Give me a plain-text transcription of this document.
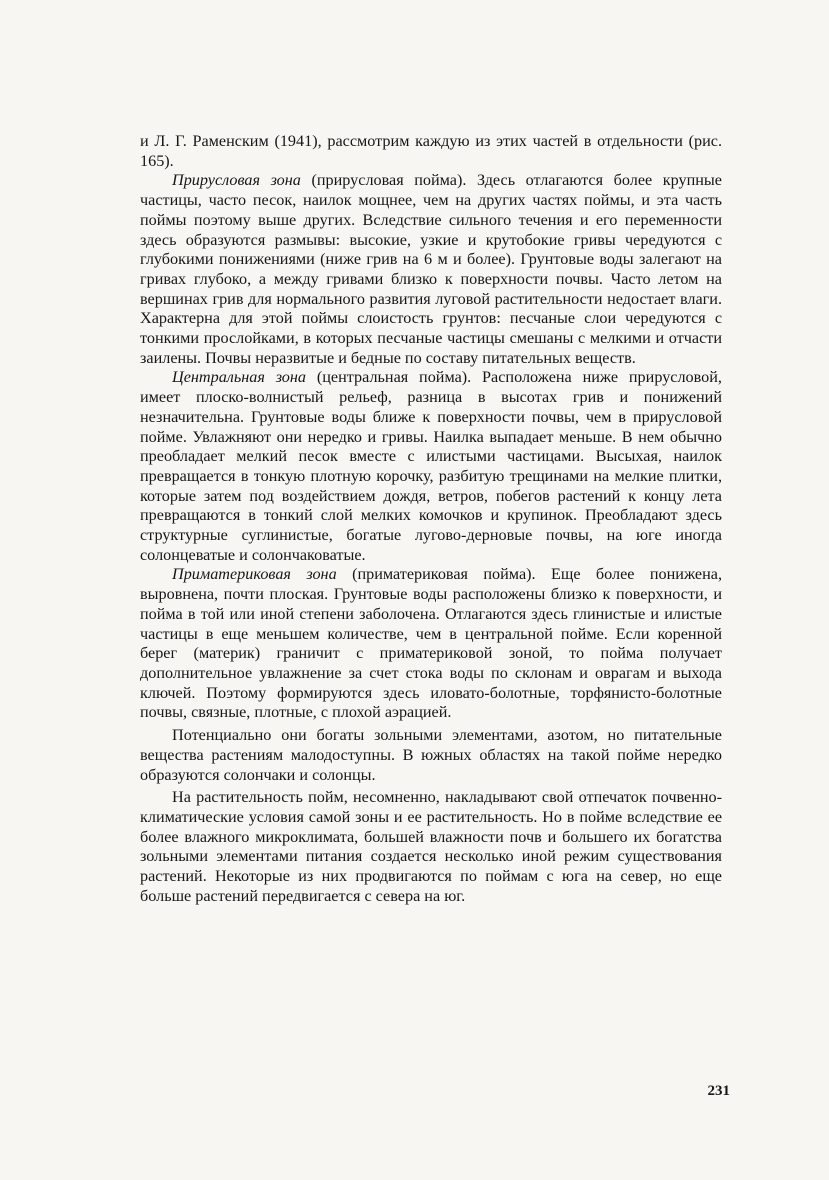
и Л. Г. Раменским (1941), рассмотрим каждую из этих частей в отдельности (рис. 165).

Прирусловая зона (прирусловая пойма). Здесь отлагаются более крупные частицы, часто песок, наилок мощнее, чем на других частях поймы, и эта часть поймы поэтому выше других. Вследствие сильного течения и его переменности здесь образуются размывы: высокие, узкие и крутобокие гривы чередуются с глубокими понижениями (ниже грив на 6 м и более). Грунтовые воды залегают на гривах глубоко, а между гривами близко к поверхности почвы. Часто летом на вершинах грив для нормального развития луговой растительности недостает влаги. Характерна для этой поймы слоистость грунтов: песчаные слои чередуются с тонкими прослойками, в которых песчаные частицы смешаны с мелкими и отчасти заилены. Почвы неразвитые и бедные по составу питательных веществ.

Центральная зона (центральная пойма). Расположена ниже прирусловой, имеет плоско-волнистый рельеф, разница в высотах грив и понижений незначительна. Грунтовые воды ближе к поверхности почвы, чем в прирусловой пойме. Увлажняют они нередко и гривы. Наилка выпадает меньше. В нем обычно преобладает мелкий песок вместе с илистыми частицами. Высыхая, наилок превращается в тонкую плотную корочку, разбитую трещинами на мелкие плитки, которые затем под воздействием дождя, ветров, побегов растений к концу лета превращаются в тонкий слой мелких комочков и крупинок. Преобладают здесь структурные суглинистые, богатые лугово-дерновые почвы, на юге иногда солонцеватые и солончаковатые.

Приматериковая зона (приматериковая пойма). Еще более понижена, выровнена, почти плоская. Грунтовые воды расположены близко к поверхности, и пойма в той или иной степени заболочена. Отлагаются здесь глинистые и илистые частицы в еще меньшем количестве, чем в центральной пойме. Если коренной берег (материк) граничит с приматериковой зоной, то пойма получает дополнительное увлажнение за счет стока воды по склонам и оврагам и выхода ключей. Поэтому формируются здесь иловато-болотные, торфянисто-болотные почвы, связные, плотные, с плохой аэрацией.

Потенциально они богаты зольными элементами, азотом, но питательные вещества растениям малодоступны. В южных областях на такой пойме нередко образуются солончаки и солонцы.

На растительность пойм, несомненно, накладывают свой отпечаток почвенно-климатические условия самой зоны и ее растительность. Но в пойме вследствие ее более влажного микроклимата, большей влажности почв и большего их богатства зольными элементами питания создается несколько иной режим существования растений. Некоторые из них продвигаются по поймам с юга на север, но еще больше растений передвигается с севера на юг.

231
